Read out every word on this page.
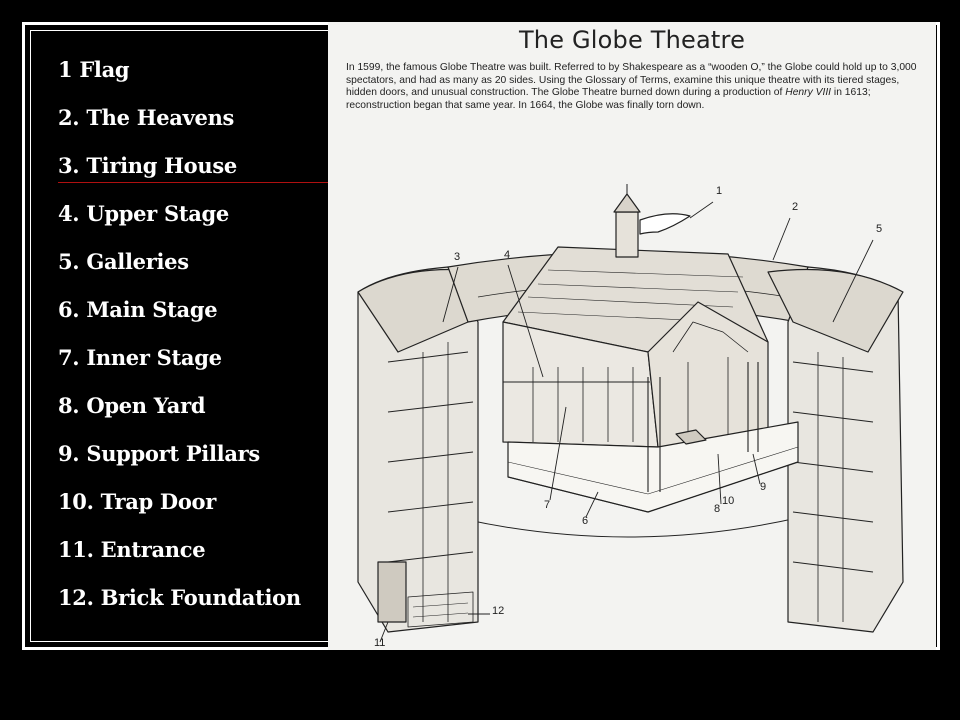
1 Flag
2. The Heavens
3. Tiring House
4. Upper Stage
5. Galleries
6. Main Stage
7. Inner Stage
8. Open Yard
9. Support Pillars
10. Trap Door
11. Entrance
12. Brick Foundation
1
2
3	4
5
6
7	8
9
10
11
12
The Globe Theatre
In 1599, the famous Globe Theatre was built. Referred to by Shakespeare as a “wooden O,” the Globe could hold up to 3,000 spectators, and had as many as 20 sides. Using the Glossary of Terms, examine this unique theatre with its tiered stages, hidden doors, and unusual construction. The Globe Theatre burned down during a production of Henry VIII in 1613; reconstruction began that same year. In 1664, the Globe was finally torn down.
